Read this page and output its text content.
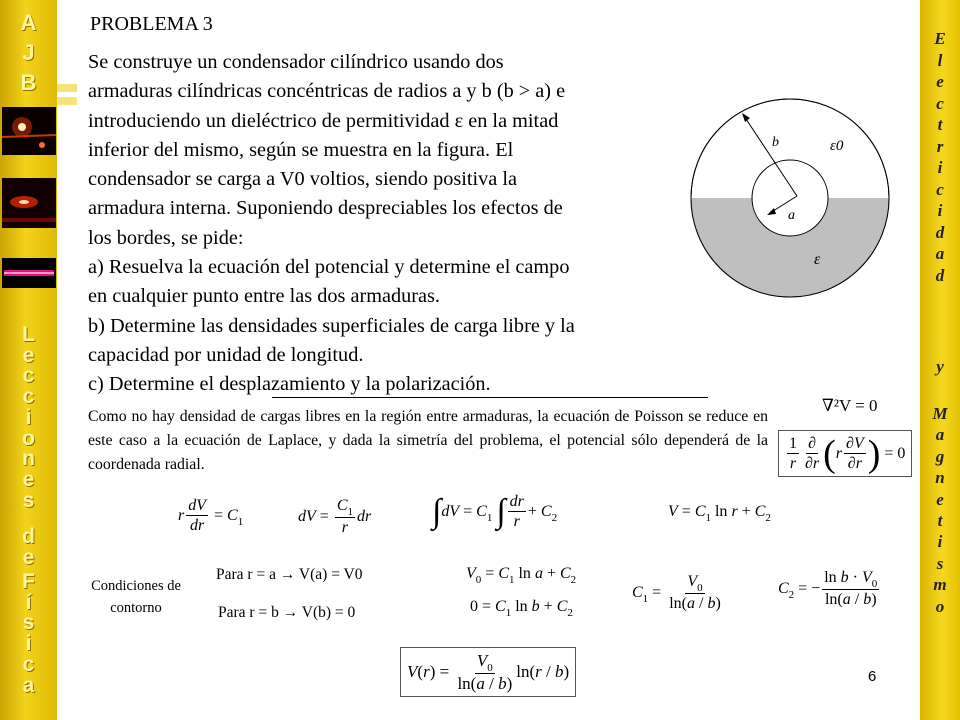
A
J
B
L
e
c
c
i
o
n
e
s
d
e
F
í
s
i
c
a
E
l
e
c
t
r
i
c
i
d
a
d
y
M
a
g
n
e
t
i
s
m
o
PROBLEMA 3
Se construye un condensador cilíndrico usando dos
armaduras cilíndricas concéntricas de radios a y b (b > a) e
introduciendo un dieléctrico de permitividad ε en la mitad
inferior del mismo, según se muestra en la figura. El
condensador se carga a V0 voltios, siendo positiva la
armadura interna. Suponiendo despreciables los efectos de
los bordes, se pide:
a) Resuelva la ecuación del potencial y determine el campo
en cualquier punto entre las dos armaduras.
b) Determine las densidades superficiales de carga libre y la
capacidad por unidad de longitud.
c) Determine el desplazamiento y la polarización.
b
a
ε0
ε
Como no hay densidad de cargas libres en la región entre armaduras, la ecuación de Poisson se reduce en este caso a la ecuación de Laplace, y dada la simetría del problema, el potencial sólo dependerá de la coordenada radial.
∇²V = 0
$\frac{1}{r} \frac{\partial}{\partial r}$ ( r $\frac{\partial V}{\partial r}$ ) = 0
r $\frac{dV}{dr} = C_1$	dV = $\frac{C_1}{r}$ dr ∫ dV = $C_1$ ∫ $\frac{dr}{r} + C_2$	$V = C_1$ $\ln r + C_2$
Condiciones de contorno
Para r = a → V(a) = V0
Para r = b → V(b) = 0
$V_0 = C_1$ $\ln a + C_2$
$0 = C_1$ $\ln b + C_2$
$C_1 = \frac{V_0}{\ln(a / b)}$	$C_2$ = − $\frac{\ln b \cdot V_0}{\ln(a / b)}$
$V(r) = \frac{V_0}{\ln(a / b)} \ln(r / b)$	6
